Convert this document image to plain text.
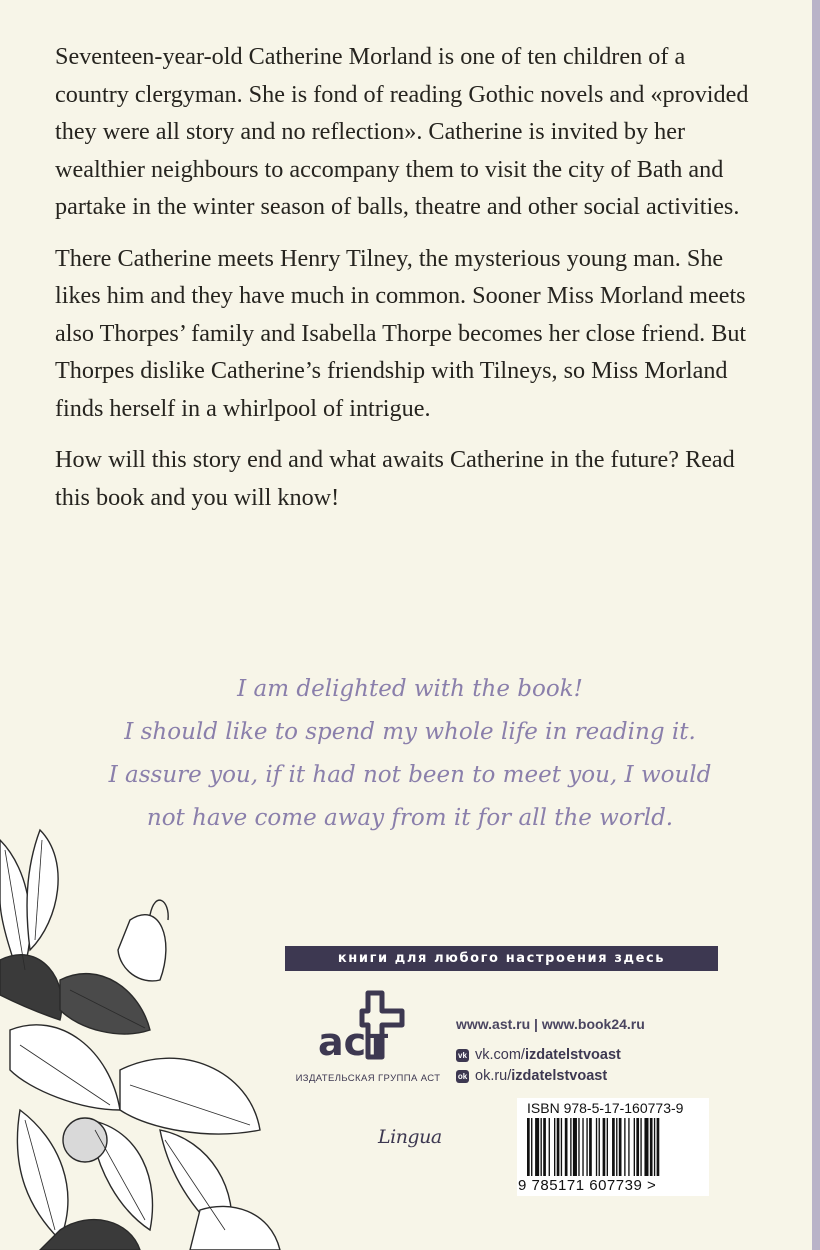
Seventeen-year-old Catherine Morland is one of ten children of a country clergyman. She is fond of reading Gothic novels and «provided they were all story and no reflection». Catherine is invited by her wealthier neighbours to accompany them to visit the city of Bath and partake in the winter season of balls, theatre and other social activities.

There Catherine meets Henry Tilney, the mysterious young man. She likes him and they have much in common. Sooner Miss Morland meets also Thorpes’ family and Isabella Thorpe becomes her close friend. But Thorpes dislike Catherine’s friendship with Tilneys, so Miss Morland finds herself in a whirlpool of intrigue.

How will this story end and what awaits Catherine in the future? Read this book and you will know!

I am delighted with the book!
I should like to spend my whole life in reading it.
I assure you, if it had not been to meet you, I would
not have come away from it for all the world.
книги для любого настроения здесь
аст
ИЗДАТЕЛЬСКАЯ ГРУППА АСТ
www.ast.ru | www.book24.ru
vk vk.com/ izdatelstvoast
ok ok.ru/ izdatelstvoast
Lingua
ISBN 978-5-17-160773-9
9 785171 607739 >
